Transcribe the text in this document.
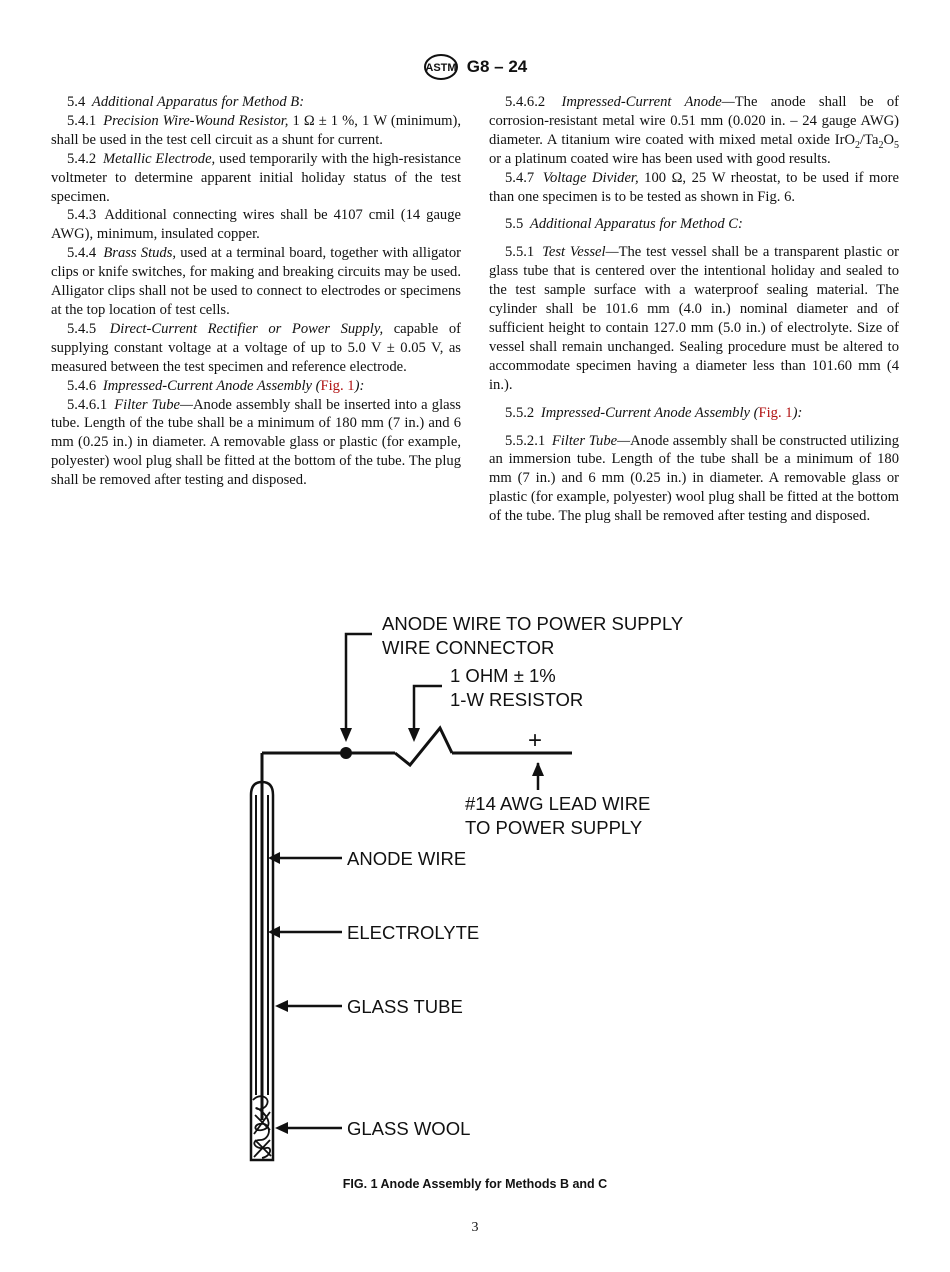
ASTM G8 – 24

5.4 Additional Apparatus for Method B:

5.4.1 Precision Wire-Wound Resistor, 1 Ω ± 1 %, 1 W (minimum), shall be used in the test cell circuit as a shunt for current.

5.4.2 Metallic Electrode, used temporarily with the high-resistance voltmeter to determine apparent initial holiday status of the test specimen.

5.4.3 Additional connecting wires shall be 4107 cmil (14 gauge AWG), minimum, insulated copper.

5.4.4 Brass Studs, used at a terminal board, together with alligator clips or knife switches, for making and breaking circuits may be used. Alligator clips shall not be used to connect to electrodes or specimens at the top location of test cells.

5.4.5 Direct-Current Rectifier or Power Supply, capable of supplying constant voltage at a voltage of up to 5.0 V ± 0.05 V, as measured between the test specimen and reference electrode.

5.4.6 Impressed-Current Anode Assembly (Fig. 1):

5.4.6.1 Filter Tube—Anode assembly shall be inserted into a glass tube. Length of the tube shall be a minimum of 180 mm (7 in.) and 6 mm (0.25 in.) in diameter. A removable glass or plastic (for example, polyester) wool plug shall be fitted at the bottom of the tube. The plug shall be removed after testing and disposed.

5.4.6.2 Impressed-Current Anode—The anode shall be of corrosion-resistant metal wire 0.51 mm (0.020 in. – 24 gauge AWG) diameter. A titanium wire coated with mixed metal oxide $IrO_2/Ta_2O_5$ or a platinum coated wire has been used with good results.

5.4.7 Voltage Divider, 100 Ω, 25 W rheostat, to be used if more than one specimen is to be tested as shown in Fig. 6.

5.5 Additional Apparatus for Method C:

5.5.1 Test Vessel—The test vessel shall be a transparent plastic or glass tube that is centered over the intentional holiday and sealed to the test sample surface with a waterproof sealing material. The cylinder shall be 101.6 mm (4.0 in.) nominal diameter and of sufficient height to contain 127.0 mm (5.0 in.) of electrolyte. Size of vessel shall remain unchanged. Sealing procedure must be altered to accommodate specimen having a diameter less than 101.60 mm (4 in.).

5.5.2 Impressed-Current Anode Assembly (Fig. 1):

5.5.2.1 Filter Tube—Anode assembly shall be constructed utilizing an immersion tube. Length of the tube shall be a minimum of 180 mm (7 in.) and 6 mm (0.25 in.) in diameter. A removable glass or plastic (for example, polyester) wool plug shall be fitted at the bottom of the tube. The plug shall be removed after testing and disposed.

ANODE WIRE TO POWER SUPPLY
WIRE CONNECTOR
1 OHM ± 1%
1-W RESISTOR
+
#14 AWG LEAD WIRE
TO POWER SUPPLY
ANODE WIRE
ELECTROLYTE
GLASS TUBE
GLASS WOOL
FIG. 1 Anode Assembly for Methods B and C
3
